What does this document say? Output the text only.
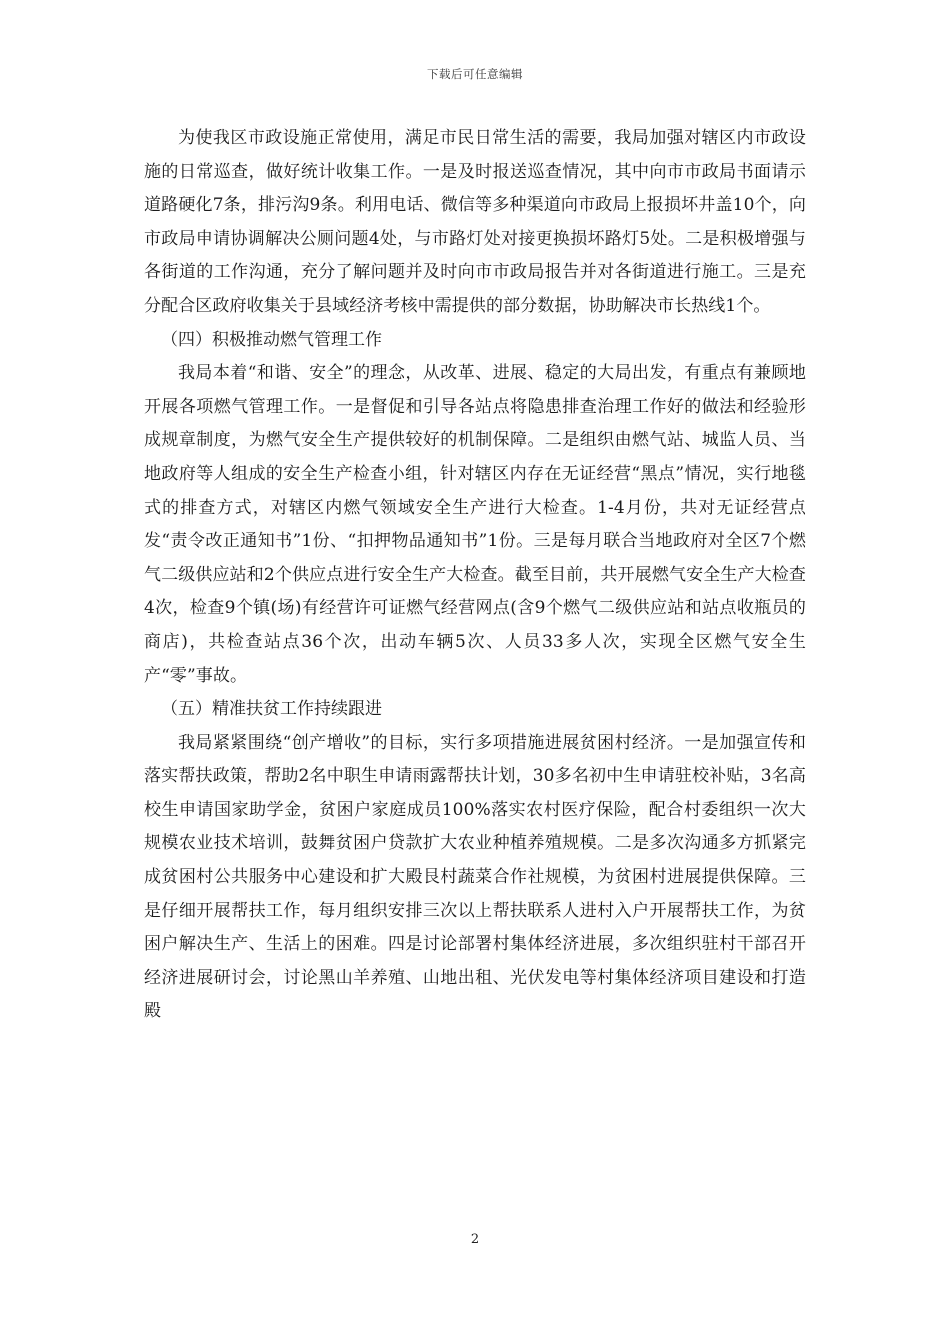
下载后可任意编辑

为使我区市政设施正常使用，满足市民日常生活的需要，我局加强对辖区内市政设施的日常巡查，做好统计收集工作。一是及时报送巡查情况，其中向市市政局书面请示道路硬化7条，排污沟9条。利用电话、微信等多种渠道向市政局上报损坏井盖10个，向市政局申请协调解决公厕问题4处，与市路灯处对接更换损坏路灯5处。二是积极增强与各街道的工作沟通，充分了解问题并及时向市市政局报告并对各街道进行施工。三是充分配合区政府收集关于县域经济考核中需提供的部分数据，协助解决市长热线1个。

（四）积极推动燃气管理工作

我局本着“和谐、安全”的理念，从改革、进展、稳定的大局出发，有重点有兼顾地开展各项燃气管理工作。一是督促和引导各站点将隐患排查治理工作好的做法和经验形成规章制度，为燃气安全生产提供较好的机制保障。二是组织由燃气站、城监人员、当地政府等人组成的安全生产检查小组，针对辖区内存在无证经营“黑点”情况，实行地毯式的排查方式，对辖区内燃气领域安全生产进行大检查。1-4月份，共对无证经营点发“责令改正通知书”1份、“扣押物品通知书”1份。三是每月联合当地政府对全区7个燃气二级供应站和2个供应点进行安全生产大检查。截至目前，共开展燃气安全生产大检查4次，检查9个镇(场)有经营许可证燃气经营网点(含9个燃气二级供应站和站点收瓶员的商店)，共检查站点36个次，出动车辆5次、人员33多人次，实现全区燃气安全生产“零”事故。

（五）精准扶贫工作持续跟进

我局紧紧围绕“创产增收”的目标，实行多项措施进展贫困村经济。一是加强宣传和落实帮扶政策，帮助2名中职生申请雨露帮扶计划，30多名初中生申请驻校补贴，3名高校生申请国家助学金，贫困户家庭成员100%落实农村医疗保险，配合村委组织一次大规模农业技术培训，鼓舞贫困户贷款扩大农业种植养殖规模。二是多次沟通多方抓紧完成贫困村公共服务中心建设和扩大殿艮村蔬菜合作社规模，为贫困村进展提供保障。三是仔细开展帮扶工作，每月组织安排三次以上帮扶联系人进村入户开展帮扶工作，为贫困户解决生产、生活上的困难。四是讨论部署村集体经济进展，多次组织驻村干部召开经济进展研讨会，讨论黑山羊养殖、山地出租、光伏发电等村集体经济项目建设和打造殿

2
